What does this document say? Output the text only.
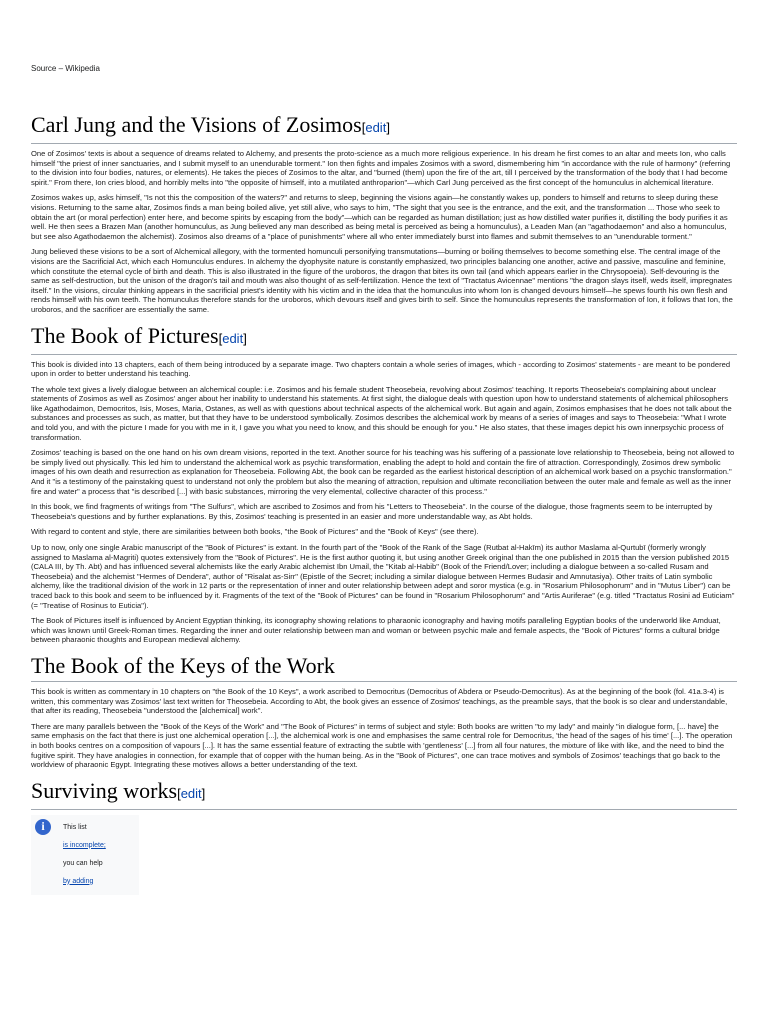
Source – Wikipedia
Carl Jung and the Visions of Zosimos[edit]

One of Zosimos' texts is about a sequence of dreams related to Alchemy, and presents the proto-science as a much more religious experience. In his dream he first comes to an altar and meets Ion, who calls himself "the priest of inner sanctuaries, and I submit myself to an unendurable torment." Ion then fights and impales Zosimos with a sword, dismembering him "in accordance with the rule of harmony" (referring to the division into four bodies, natures, or elements). He takes the pieces of Zosimos to the altar, and "burned (them) upon the fire of the art, till I perceived by the transformation of the body that I had become spirit." From there, Ion cries blood, and horribly melts into "the opposite of himself, into a mutilated anthroparion"—which Carl Jung perceived as the first concept of the homunculus in alchemical literature.

Zosimos wakes up, asks himself, "Is not this the composition of the waters?" and returns to sleep, beginning the visions again—he constantly wakes up, ponders to himself and returns to sleep during these visions. Returning to the same altar, Zosimos finds a man being boiled alive, yet still alive, who says to him, "The sight that you see is the entrance, and the exit, and the transformation ... Those who seek to obtain the art (or moral perfection) enter here, and become spirits by escaping from the body"—which can be regarded as human distillation; just as how distilled water purifies it, distilling the body purifies it as well. He then sees a Brazen Man (another homunculus, as Jung believed any man described as being metal is perceived as being a homunculus), a Leaden Man (an "agathodaemon" and also a homunculus, but see also Agathodaemon the alchemist). Zosimos also dreams of a "place of punishments" where all who enter immediately burst into flames and submit themselves to an "unendurable torment."

Jung believed these visions to be a sort of Alchemical allegory, with the tormented homunculi personifying transmutations—burning or boiling themselves to become something else. The central image of the visions are the Sacrificial Act, which each Homunculus endures. In alchemy the dyophysite nature is constantly emphasized, two principles balancing one another, active and passive, masculine and feminine, which constitute the eternal cycle of birth and death. This is also illustrated in the figure of the uroboros, the dragon that bites its own tail (and which appears earlier in the Chrysopoeia). Self-devouring is the same as self-destruction, but the unison of the dragon's tail and mouth was also thought of as self-fertilization. Hence the text of "Tractatus Avicennae" mentions "the dragon slays itself, weds itself, impregnates itself." In the visions, circular thinking appears in the sacrificial priest's identity with his victim and in the idea that the homunculus into whom Ion is changed devours himself—he spews fourth his own flesh and rends himself with his own teeth. The homunculus therefore stands for the uroboros, which devours itself and gives birth to self. Since the homunculus represents the transformation of Ion, it follows that Ion, the uroboros, and the sacrificer are essentially the same.

The Book of Pictures[edit]

This book is divided into 13 chapters, each of them being introduced by a separate image. Two chapters contain a whole series of images, which - according to Zosimos' statements - are meant to be pondered upon in order to better understand his teaching.

The whole text gives a lively dialogue between an alchemical couple: i.e. Zosimos and his female student Theosebeia, revolving about Zosimos' teaching. It reports Theosebeia's complaining about unclear statements of Zosimos as well as Zosimos' anger about her inability to understand his statements. At first sight, the dialogue deals with question upon how to understand statements of alchemical philosophers like Agathodaimon, Democritos, Isis, Moses, Maria, Ostanes, as well as with questions about technical aspects of the alchemical work. But again and again, Zosimos emphasises that he does not talk about the substances and processes as such, as matter, but that they have to be understood symbolically. Zosimos describes the alchemical work by means of a series of images and says to Theosebeia: "What I wrote and told you, and with the picture I made for you with me in it, I gave you what you need to know, and this should be enough for you." He also states, that these images depict his own innerpsychic process of transformation.

Zosimos' teaching is based on the one hand on his own dream visions, reported in the text. Another source for his teaching was his suffering of a passionate love relationship to Theosebeia, being not allowed to be simply lived out physically. This led him to understand the alchemical work as psychic transformation, enabling the adept to hold and contain the fire of attraction. Correspondingly, Zosimos drew symbolic images of his own death and resurrection as explanation for Theosebeia. Following Abt, the book can be regarded as the earliest historical description of an alchemical work based on a psychic transformation." And it "is a testimony of the painstaking quest to understand not only the problem but also the meaning of attraction, repulsion and ultimate reconciliation between the outer male and female as well as the inner fire and water" a process that "is described [...] with basic substances, mirroring the very elemental, collective character of this process."

In this book, we find fragments of writings from "The Sulfurs", which are ascribed to Zosimos and from his "Letters to Theosebeia". In the course of the dialogue, those fragments seem to be interrupted by Theosebeia's questions and by further explanations. By this, Zosimos' teaching is presented in an easier and more understandable way, as Abt holds.

With regard to content and style, there are similarities between both books, "the Book of Pictures" and the "Book of Keys" (see there).

Up to now, only one single Arabic manuscript of the "Book of Pictures" is extant. In the fourth part of the "Book of the Rank of the Sage (Rutbat al-Hakīm) its author Maslama al-Qurtubī (formerly wrongly assigned to Maslama al-Magriti) quotes extensively from the "Book of Pictures". He is the first author quoting it, but using another Greek original than the one published in 2015 than the version published 2015 (CALA III, by Th. Abt) and has influenced several alchemists like the early Arabic alchemist Ibn Umail, the "Kitab al-Habib" (Book of the Friend/Lover; including a dialogue between a so-called Rusam and Theosebeia) and the alchemist "Hermes of Dendera", author of "Risalat as-Sirr" (Epistle of the Secret; including a similar dialogue between Hermes Budasir and Amnutasiya). Other traits of Latin symbolic alchemy, like the traditional division of the work in 12 parts or the representation of inner and outer relationship between adept and soror mystica (e.g. in "Rosarium Philosophorum" and in "Mutus Liber") can be traced back to this book and seem to be influenced by it. Fragments of the text of the "Book of Pictures" can be found in "Rosarium Philosophorum" and "Artis Auriferae" (e.g. titled "Tractatus Rosini ad Euticiam" (= "Treatise of Rosinus to Euticia").

The Book of Pictures itself is influenced by Ancient Egyptian thinking, its iconography showing relations to pharaonic iconography and having motifs paralleling Egyptian books of the underworld like Amduat, which was known until Greek-Roman times. Regarding the inner and outer relationship between man and woman or between psychic male and female aspects, the "Book of Pictures" forms a cultural bridge between pharaonic thoughts and European medieval alchemy.

The Book of the Keys of the Work

This book is written as commentary in 10 chapters on "the Book of the 10 Keys", a work ascribed to Democritus (Democritus of Abdera or Pseudo-Democritus). As at the beginning of the book (fol. 41a.3-4) is written, this commentary was Zosimos' last text written for Theosebeia. According to Abt, the book gives an essence of Zosimos' teachings, as the preamble says, that the book is so clear and understandable, that after its reading, Theosebeia "understood the [alchemical] work".

There are many parallels between the "Book of the Keys of the Work" and "The Book of Pictures" in terms of subject and style: Both books are written "to my lady" and mainly "in dialogue form, [... have] the same emphasis on the fact that there is just one alchemical operation [...], the alchemical work is one and emphasises the same central role for Democritus, 'the head of the sages of his time' [...]. The operation in both books centres on a composition of vapours [...]. It has the same essential feature of extracting the subtle with 'gentleness' [...] from all four natures, the mixture of like with like, and the need to bind the fugitive spirit. They have analogies in connection, for example that of copper with the human being. As in the "Book of Pictures", one can trace motives and symbols of Zosimos' teachings that go back to the worldview of pharaonic Egypt. Integrating these motives allows a better understanding of the text.

Surviving works[edit]
i	This list
is incomplete;
you can help
by adding
